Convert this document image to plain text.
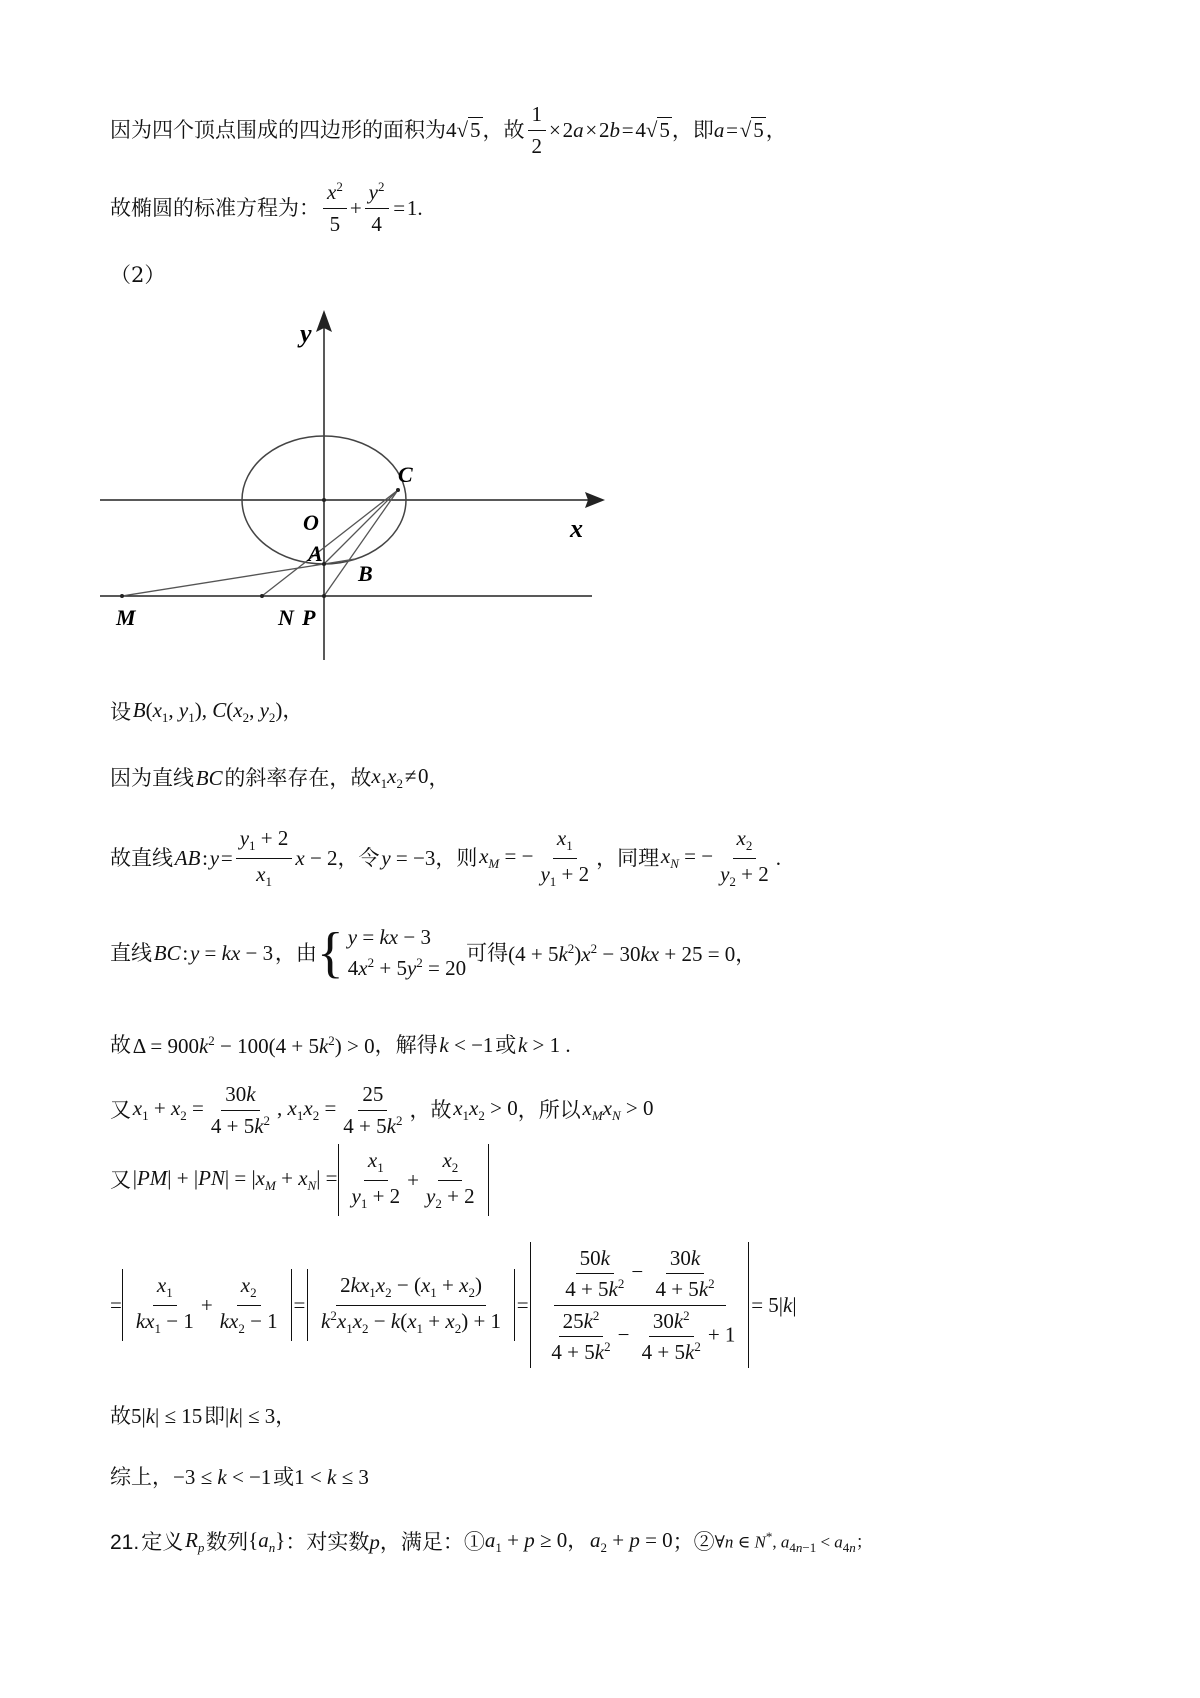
因为四个顶点围成的四边形的面积为 4√5 ，故 $\frac{1}{2}$ × 2a × 2b = 4√5 ，即 a = √5 ，
故椭圆的标准方程为： $\frac{x^2}{5} + \frac{y^2}{4}$  = 1.
（2）
y
x
O
C
A
B
M	N P
设
  $B(x_1$, $y_1$), $C(x_2$, $y_2$)，
因为直线  BC  的斜率存在，故 $x_1x_2$ ≠ 0 ，
故直线
  AB : y = $\frac{y_1 + 2}{x_1}$ x − 2 ，令
  y = −3 ，则
  $x_M$ = − $\frac{x_1}{y_1 + 2}$ ，同理
  $x_N$ = − $\frac{x_2}{y_2 + 2}$ .
直线
  BC : y = kx − 3  ，由 { y = kx − 3
$4x^2 + 5y^2 = 20$
可得 $(4 + 5k^2)x^2 - 30kx + 25 = 0$，
故  $\Delta = 900k^2 - 100(4 + 5k^2) > 0$ ，解得
  k < −1  或
  k > 1 .
又
  $x_1 + x_2 = \frac{30k}{4 + 5k^2}$ , $x_1x_2 = \frac{25}{4 + 5k^2}$ ，故
  $x_1x_2 > 0$ ，所以
  $x_Mx_N > 0$
又  $|PM| + |PN| = |x_M + x_N| = \frac{x_1}{y_1 + 2} + \frac{x_2}{y_2 + 2}$
= $\frac{x_1}{kx_1 - 1} + \frac{x_2}{kx_2 - 1}$  =  $\frac{2kx_1x_2 - (x_1 + x_2)}{k^2x_1x_2 - k(x_1 + x_2) + 1}$  =  $\frac{\frac{50k}{4 + 5k^2} - \frac{30k}{4 + 5k^2}}{\frac{25k^2}{4 + 5k^2} - \frac{30k^2}{4 + 5k^2} + 1}$  = 5|k|
故 5|k| ≤ 15  即 |k| ≤ 3，
综上， −3 ≤ k < −1  或 1 < k ≤ 3
21.
  定义
  $R_p$  数列 $\{a_n\}$ ：对实数 p ，满足：① $a_1 + p \ge 0$， $a_2 + p = 0$ ；② ∀n ∈ N*, $a_{4n-1} < a_{4n}$；
